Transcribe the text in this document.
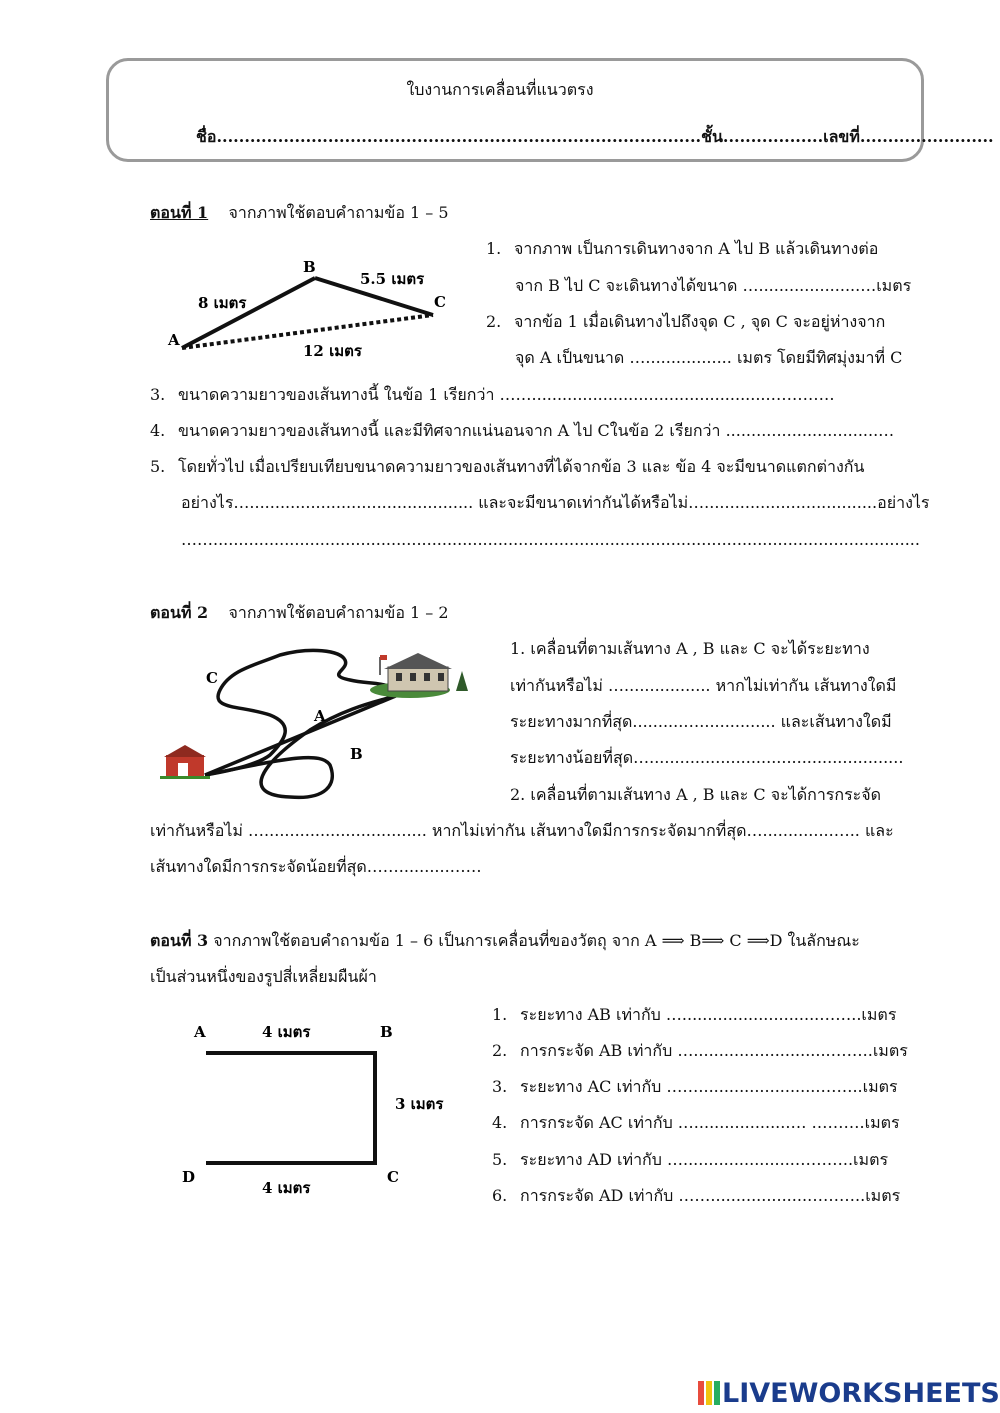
ใบงานการเคลื่อนที่แนวตรง
ชื่อ.......................................................................................ชั้น..................เลขที่........................
ตอนที่ 1 จากภาพใช้ตอบคำถามข้อ 1 – 5
A
B
C
8 เมตร
5.5 เมตร
12 เมตร
1. จากภาพ เป็นการเดินทางจาก A ไป B แล้วเดินทางต่อ
จาก B ไป C จะเดินทางได้ขนาด …....................…เมตร
2. จากข้อ 1 เมื่อเดินทางไปถึงจุด C , จุด C จะอยู่ห่างจาก
จุด A เป็นขนาด …................. เมตร โดยมีทิศมุ่งมาที่ C
3. ขนาดความยาวของเส้นทางนี้ ในข้อ 1 เรียกว่า ……...............................................…………
4. ขนาดความยาวของเส้นทางนี้ และมีทิศจากแน่นอนจาก A ไป Cในข้อ 2 เรียกว่า ..............................…
5. โดยทั่วไป เมื่อเปรียบเทียบขนาดความยาวของเส้นทางที่ได้จากข้อ 3 และ ข้อ 4 จะมีขนาดแตกต่างกัน
อย่างไร…............................................ และจะมีขนาดเท่ากันได้หรือไม่…..................................อย่างไร
……...........................................................................................................................................
ตอนที่ 2 จากภาพใช้ตอบคำถามข้อ 1 – 2
C
A
B
1. เคลื่อนที่ตามเส้นทาง A , B และ C จะได้ระยะทาง
เท่ากันหรือไม่ …................. หากไม่เท่ากัน เส้นทางใดมี
ระยะทางมากที่สุด..........…............... และเส้นทางใดมี
ระยะทางน้อยที่สุด…..................................................
2. เคลื่อนที่ตามเส้นทาง A , B และ C จะได้การกระจัด
เท่ากันหรือไม่ …................................ หากไม่เท่ากัน เส้นทางใดมีการกระจัดมากที่สุด…..............….. และ
เส้นทางใดมีการกระจัดน้อยที่สุด……..........……
ตอนที่ 3 จากภาพใช้ตอบคำถามข้อ 1 – 6 เป็นการเคลื่อนที่ของวัตถุ จาก A ⟹ B⟹ C ⟹D ในลักษณะ
เป็นส่วนหนึ่งของรูปสี่เหลี่ยมผืนผ้า
A	B
C
D
4 เมตร
3 เมตร
4 เมตร
1. ระยะทาง AB เท่ากับ …...........................……..เมตร
2. การกระจัด AB เท่ากับ …...........................……..เมตร
3. ระยะทาง AC เท่ากับ ……........................……..เมตร
4. การกระจัด AC เท่ากับ …...................… ……….เมตร
5. ระยะทาง AD เท่ากับ …......................………..เมตร
6. การกระจัด AD เท่ากับ ……...................………..เมตร
LIVEWORKSHEETS
